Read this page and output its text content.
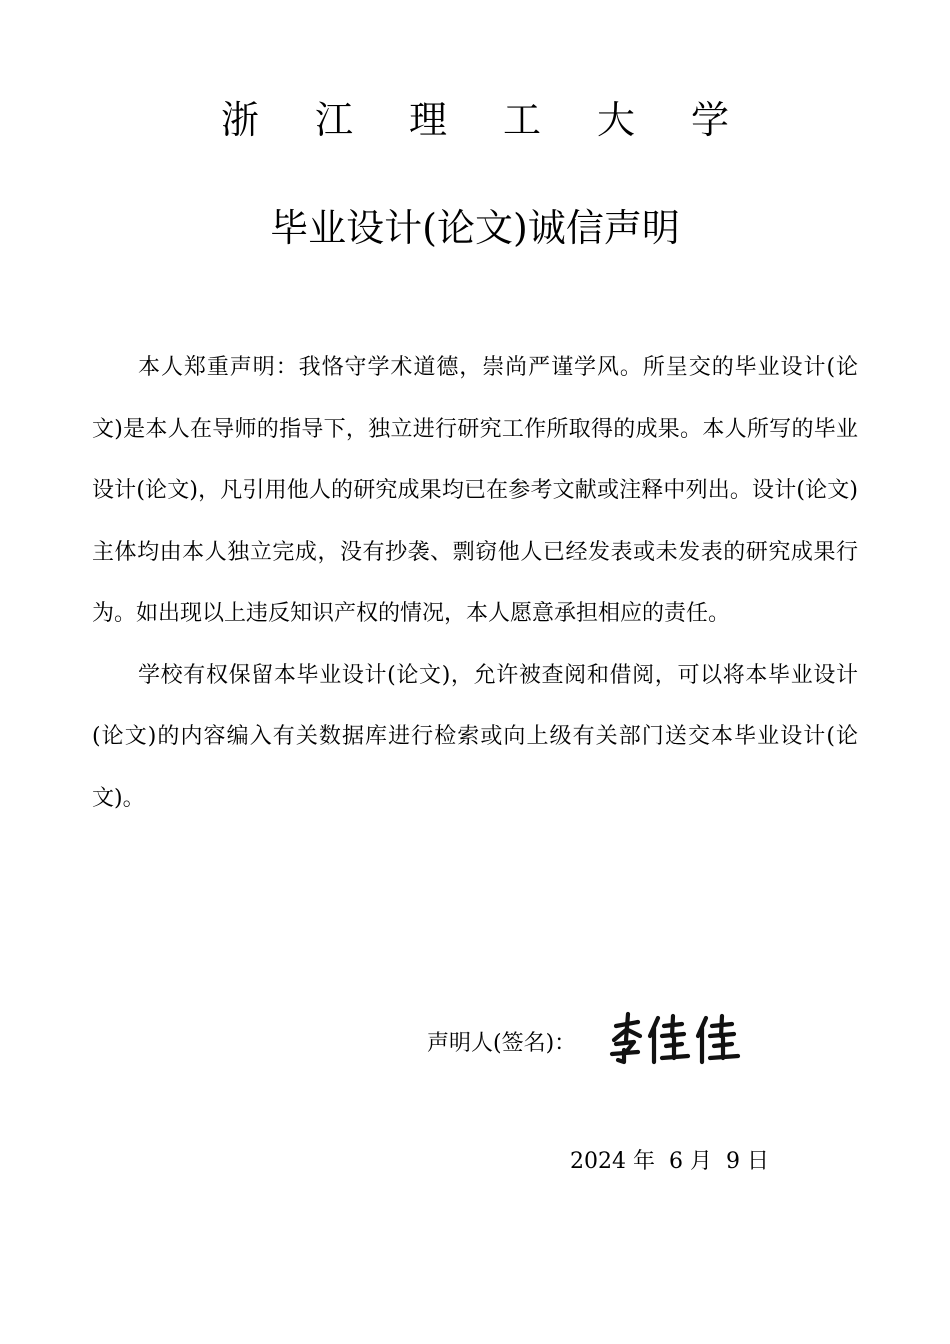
浙 江 理 工 大 学
毕业设计(论文)诚信声明

本人郑重声明：我恪守学术道德，崇尚严谨学风。所呈交的毕业设计(论文)是本人在导师的指导下，独立进行研究工作所取得的成果。本人所写的毕业设计(论文)，凡引用他人的研究成果均已在参考文献或注释中列出。设计(论文)主体均由本人独立完成，没有抄袭、剽窃他人已经发表或未发表的研究成果行为。如出现以上违反知识产权的情况，本人愿意承担相应的责任。

学校有权保留本毕业设计(论文)，允许被查阅和借阅，可以将本毕业设计(论文)的内容编入有关数据库进行检索或向上级有关部门送交本毕业设计(论文)。

声明人(签名)：
2024 年 6 月 9 日
